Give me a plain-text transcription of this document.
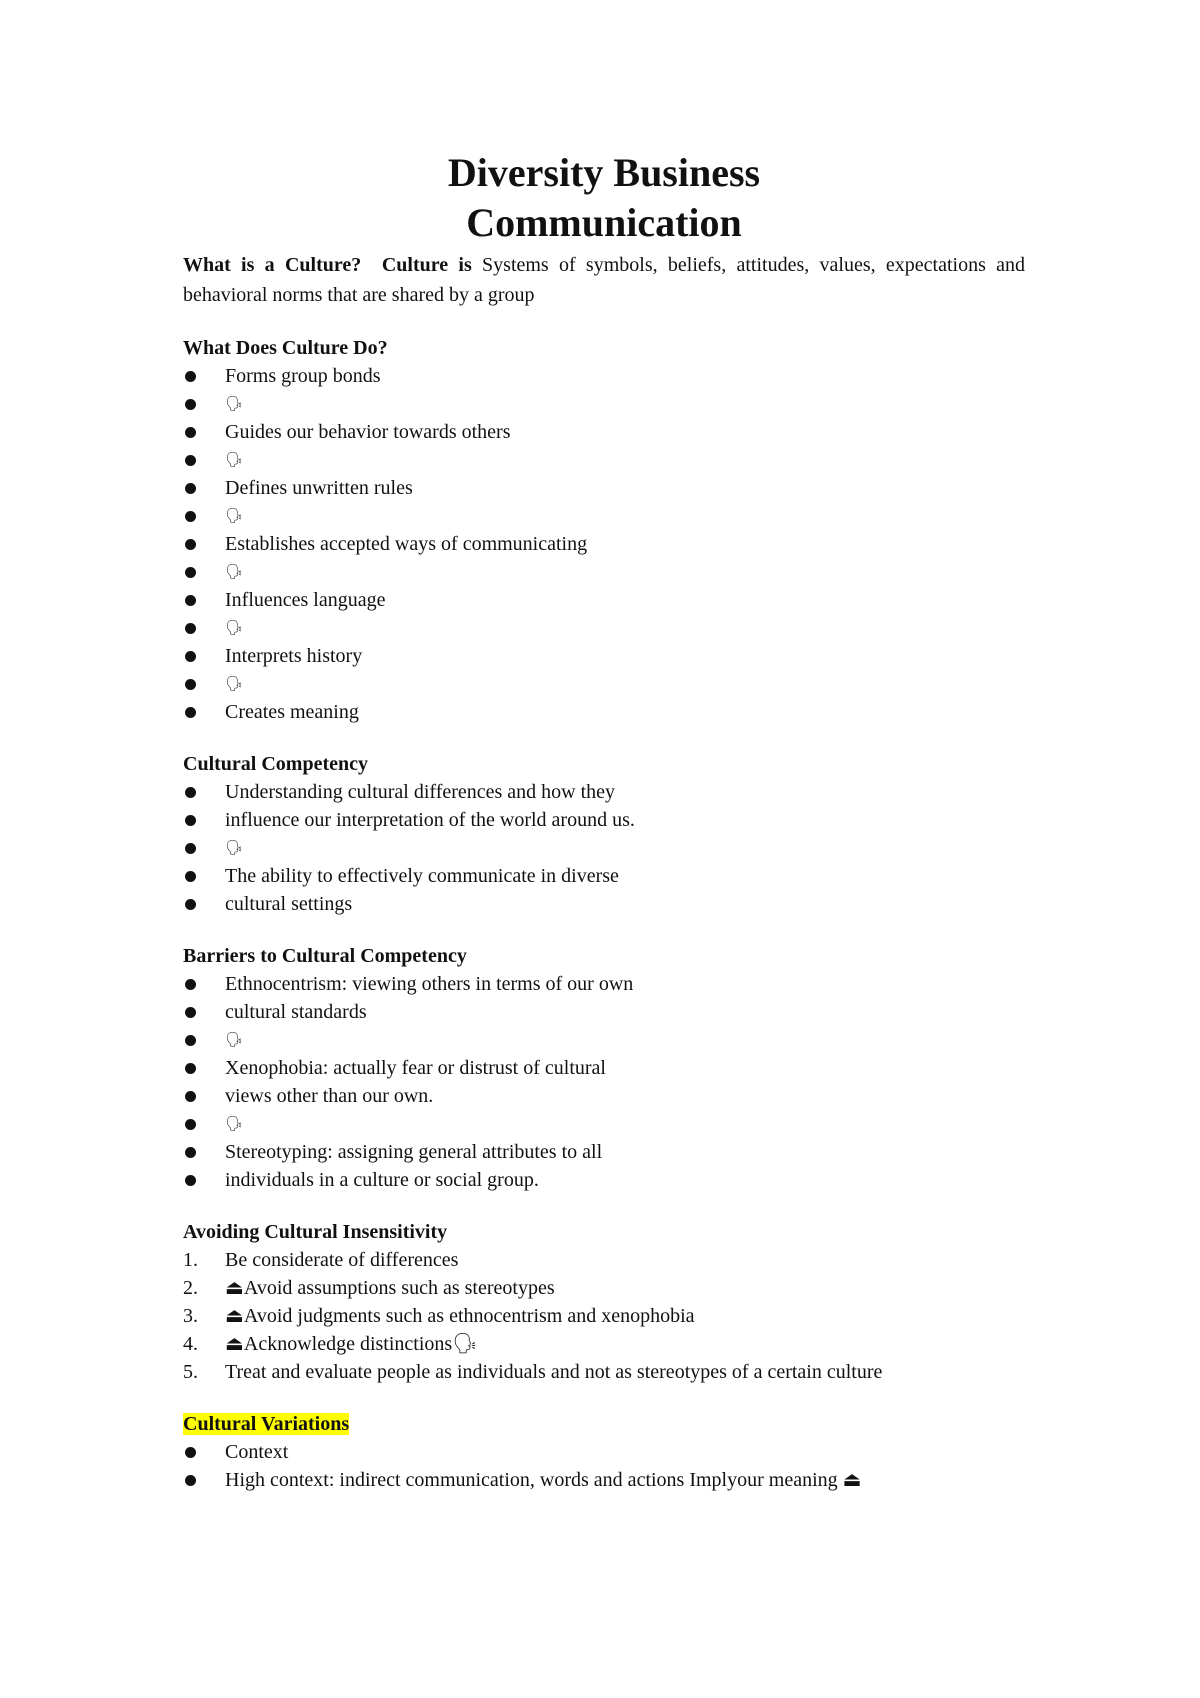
Diversity Business
Communication

What is a Culture? Culture is Systems of symbols, beliefs, attitudes, values, expectations and behavioral norms that are shared by a group

What Does Culture Do?

Forms group bonds
🗣
Guides our behavior towards others
🗣
Defines unwritten rules
🗣
Establishes accepted ways of communicating
🗣
Influences language
🗣
Interprets history
🗣
Creates meaning

Cultural Competency

Understanding cultural differences and how they
influence our interpretation of the world around us.
🗣
The ability to effectively communicate in diverse
cultural settings

Barriers to Cultural Competency

Ethnocentrism: viewing others in terms of our own
cultural standards
🗣
Xenophobia: actually fear or distrust of cultural
views other than our own.
🗣
Stereotyping: assigning general attributes to all
individuals in a culture or social group.

Avoiding Cultural Insensitivity

1. Be considerate of differences
2. ⏏Avoid assumptions such as stereotypes
3. ⏏Avoid judgments such as ethnocentrism and xenophobia
4. ⏏Acknowledge distinctions🗣
5. Treat and evaluate people as individuals and not as stereotypes of a certain culture

Cultural Variations

Context
High context: indirect communication, words and actions Implyour meaning ⏏
